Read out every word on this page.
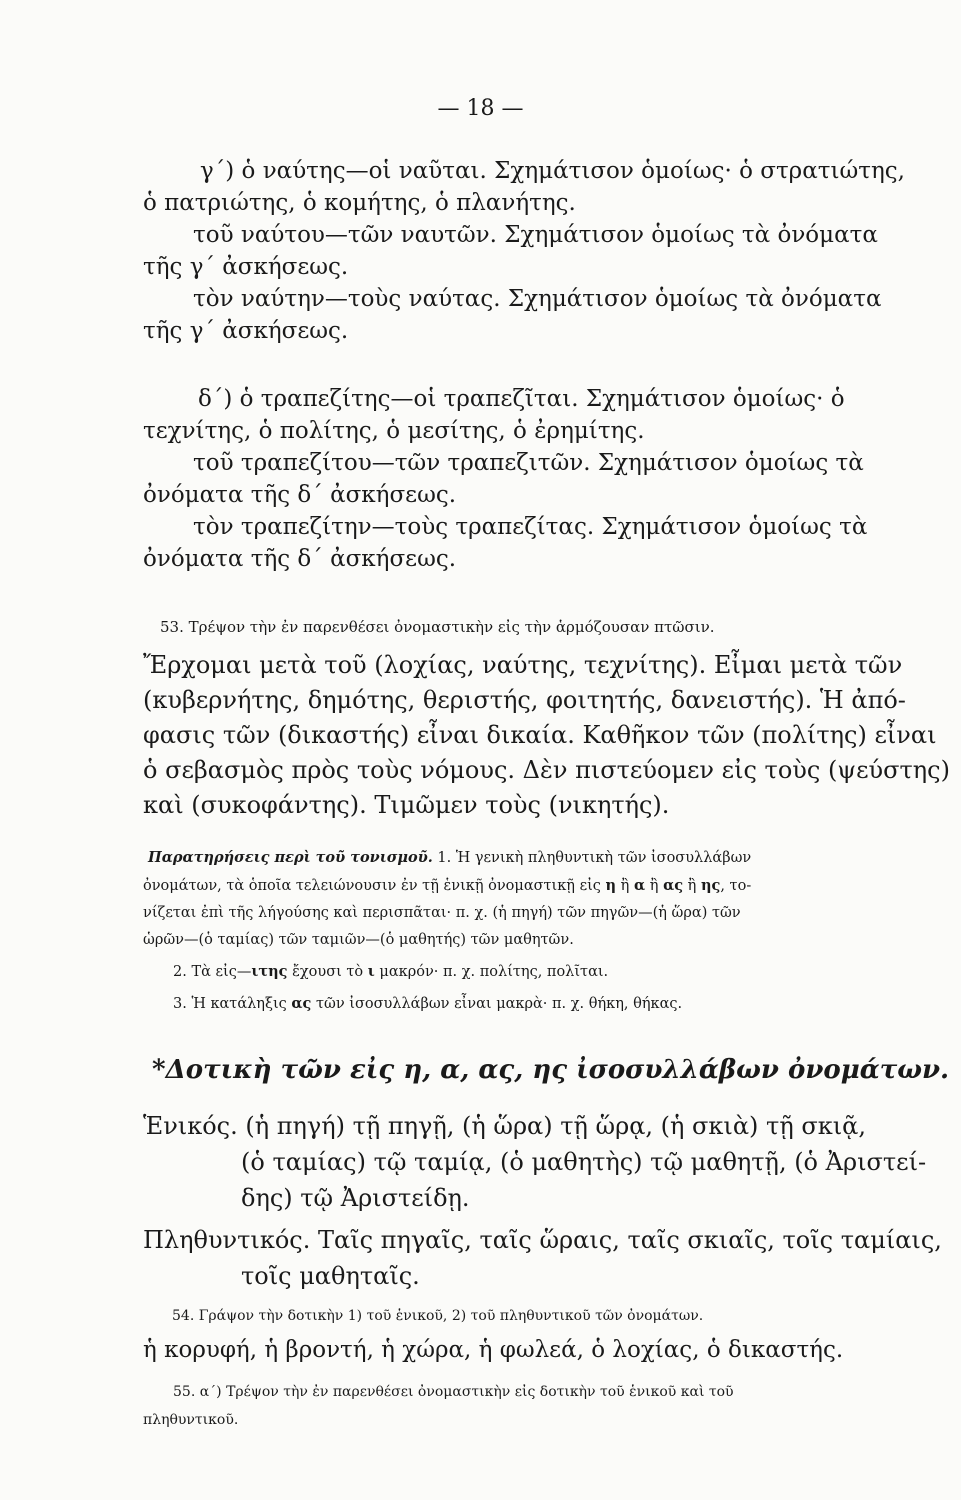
— 18 —
γ΄) ὁ ναύτης—οἱ ναῦται. Σχημάτισον ὁμοίως· ὁ στρατιώτης,
ὁ πατριώτης, ὁ κομήτης, ὁ πλανήτης.
τοῦ ναύτου—τῶν ναυτῶν. Σχημάτισον ὁμοίως τὰ ὀνόματα
τῆς γ΄ ἀσκήσεως.
τὸν ναύτην—τοὺς ναύτας. Σχημάτισον ὁμοίως τὰ ὀνόματα
τῆς γ΄ ἀσκήσεως.
δ΄) ὁ τραπεζίτης—οἱ τραπεζῖται. Σχημάτισον ὁμοίως· ὁ
τεχνίτης, ὁ πολίτης, ὁ μεσίτης, ὁ ἐρημίτης.
τοῦ τραπεζίτου—τῶν τραπεζιτῶν. Σχημάτισον ὁμοίως τὰ
ὀνόματα τῆς δ΄ ἀσκήσεως.
τὸν τραπεζίτην—τοὺς τραπεζίτας. Σχημάτισον ὁμοίως τὰ
ὀνόματα τῆς δ΄ ἀσκήσεως.
53. Τρέψον τὴν ἐν παρενθέσει ὀνομαστικὴν εἰς τὴν ἁρμόζουσαν πτῶσιν.
Ἔρχομαι μετὰ τοῦ (λοχίας, ναύτης, τεχνίτης). Εἶμαι μετὰ τῶν
(κυβερνήτης, δημότης, θεριστής, φοιτητής, δανειστής). Ἡ ἀπό-
φασις τῶν (δικαστής) εἶναι δικαία. Καθῆκον τῶν (πολίτης) εἶναι
ὁ σεβασμὸς πρὸς τοὺς νόμους. Δὲν πιστεύομεν εἰς τοὺς (ψεύστης)
καὶ (συκοφάντης). Τιμῶμεν τοὺς (νικητής).
Παρατηρήσεις περὶ τοῦ τονισμοῦ. 1. Ἡ γενικὴ πληθυντικὴ τῶν ἰσοσυλλάβων
ὀνομάτων, τὰ ὁποῖα τελειώνουσιν ἐν τῇ ἑνικῇ ὀνομαστικῇ εἰς η ἢ α ἢ ας ἢ ης, το-
νίζεται ἐπὶ τῆς λήγούσης καὶ περισπᾶται· π. χ. (ἡ πηγή) τῶν πηγῶν—(ἡ ὥρα) τῶν
ὡρῶν—(ὁ ταμίας) τῶν ταμιῶν—(ὁ μαθητής) τῶν μαθητῶν.
2. Τὰ εἰς—ιτης ἔχουσι τὸ ι μακρόν· π. χ. πολίτης, πολῖται.
3. Ἡ κατάληξις ας τῶν ἰσοσυλλάβων εἶναι μακρὰ· π. χ. θήκη, θήκας.
*Δοτικὴ τῶν εἰς η, α, ας, ης ἰσοσυλλάβων ὀνομάτων.
Ἑνικός. (ἡ πηγή) τῇ πηγῇ, (ἡ ὥρα) τῇ ὥρᾳ, (ἡ σκιὰ) τῇ σκιᾷ,
(ὁ ταμίας) τῷ ταμίᾳ, (ὁ μαθητὴς) τῷ μαθητῇ, (ὁ Ἀριστεί-
δης) τῷ Ἀριστείδῃ.
Πληθυντικός. Ταῖς πηγαῖς, ταῖς ὥραις, ταῖς σκιαῖς, τοῖς ταμίαις,
τοῖς μαθηταῖς.
54. Γράψον τὴν δοτικὴν 1) τοῦ ἑνικοῦ, 2) τοῦ πληθυντικοῦ τῶν ὀνομάτων.
ἡ κορυφή, ἡ βροντή, ἡ χώρα, ἡ φωλεά, ὁ λοχίας, ὁ δικαστής.
55. α΄) Τρέψον τὴν ἐν παρενθέσει ὀνομαστικὴν εἰς δοτικὴν τοῦ ἑνικοῦ καὶ τοῦ
πληθυντικοῦ.
